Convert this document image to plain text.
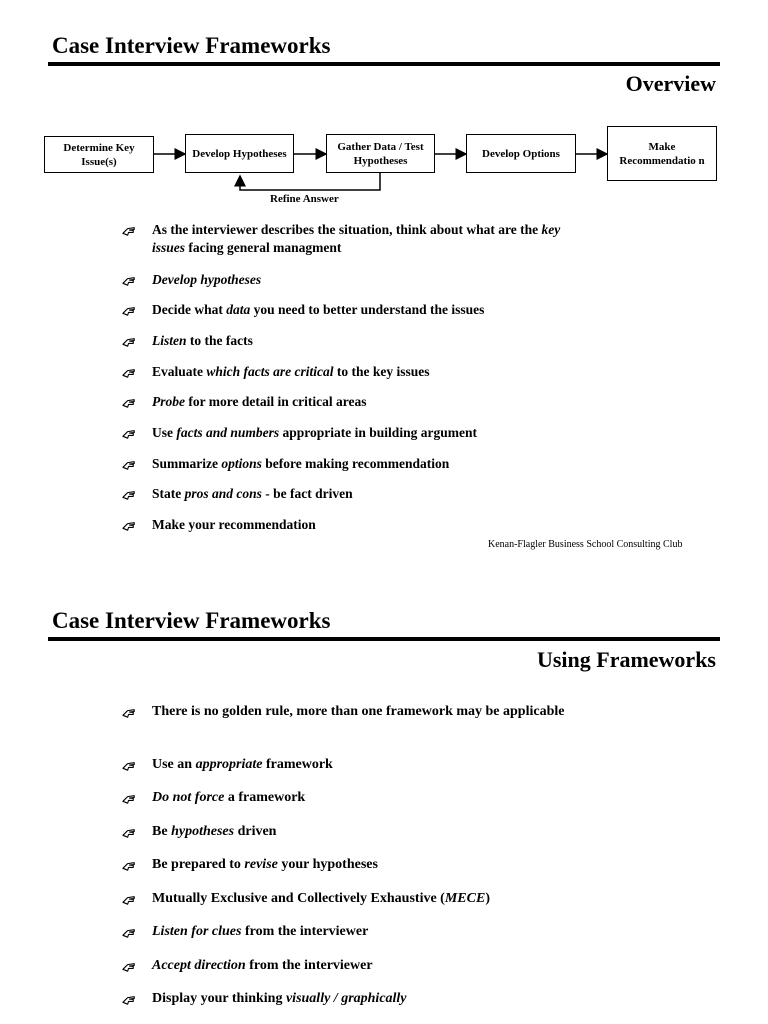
Case Interview Frameworks
Overview
Determine Key Issue(s)
Develop Hypotheses
Gather Data / Test Hypotheses
Develop Options
Make Recommendatio n
Refine Answer
As the interviewer describes the situation, think about what are the key issues facing general managment
Develop hypotheses
Decide what data you need to better understand the issues
Listen to the facts
Evaluate which facts are critical to the key issues
Probe for more detail in critical areas
Use facts and numbers appropriate in building argument
Summarize options before making recommendation
State pros and cons - be fact driven
Make your recommendation
Kenan-Flagler Business School Consulting Club
Case Interview Frameworks
Using Frameworks
There is no golden rule, more than one framework may be applicable
Use an appropriate framework
Do not force a framework
Be hypotheses driven
Be prepared to revise your hypotheses
Mutually Exclusive and Collectively Exhaustive (MECE)
Listen for clues from the interviewer
Accept direction from the interviewer
Display your thinking visually / graphically
